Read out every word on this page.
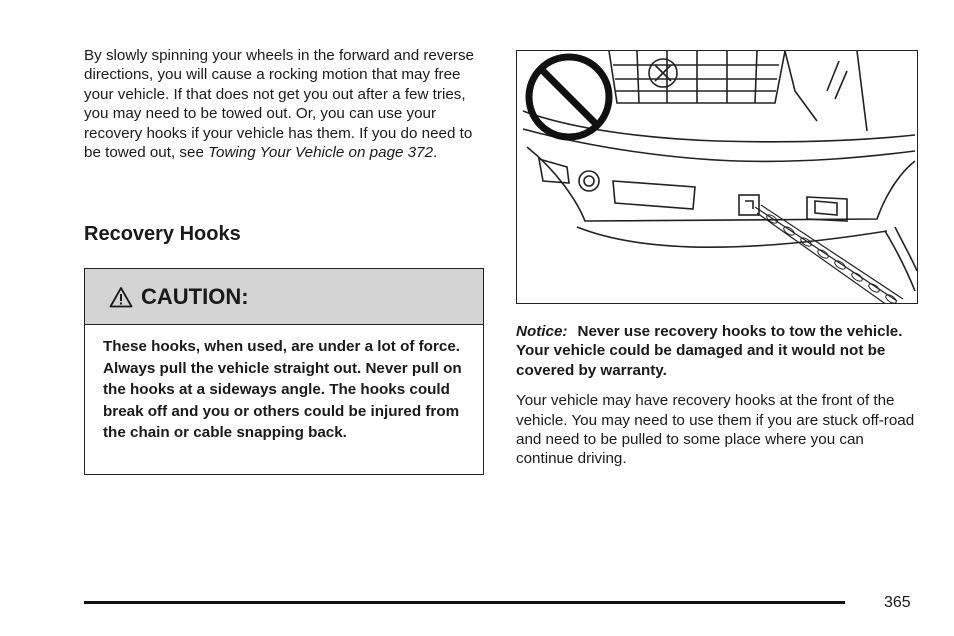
By slowly spinning your wheels in the forward and reverse directions, you will cause a rocking motion that may free your vehicle. If that does not get you out after a few tries, you may need to be towed out. Or, you can use your recovery hooks if your vehicle has them. If you do need to be towed out, see Towing Your Vehicle on page 372.

Recovery Hooks
CAUTION:

These hooks, when used, are under a lot of force. Always pull the vehicle straight out. Never pull on the hooks at a sideways angle. The hooks could break off and you or others could be injured from the chain or cable snapping back.

Notice: Never use recovery hooks to tow the vehicle. Your vehicle could be damaged and it would not be covered by warranty.

Your vehicle may have recovery hooks at the front of the vehicle. You may need to use them if you are stuck off-road and need to be pulled to some place where you can continue driving.

365
